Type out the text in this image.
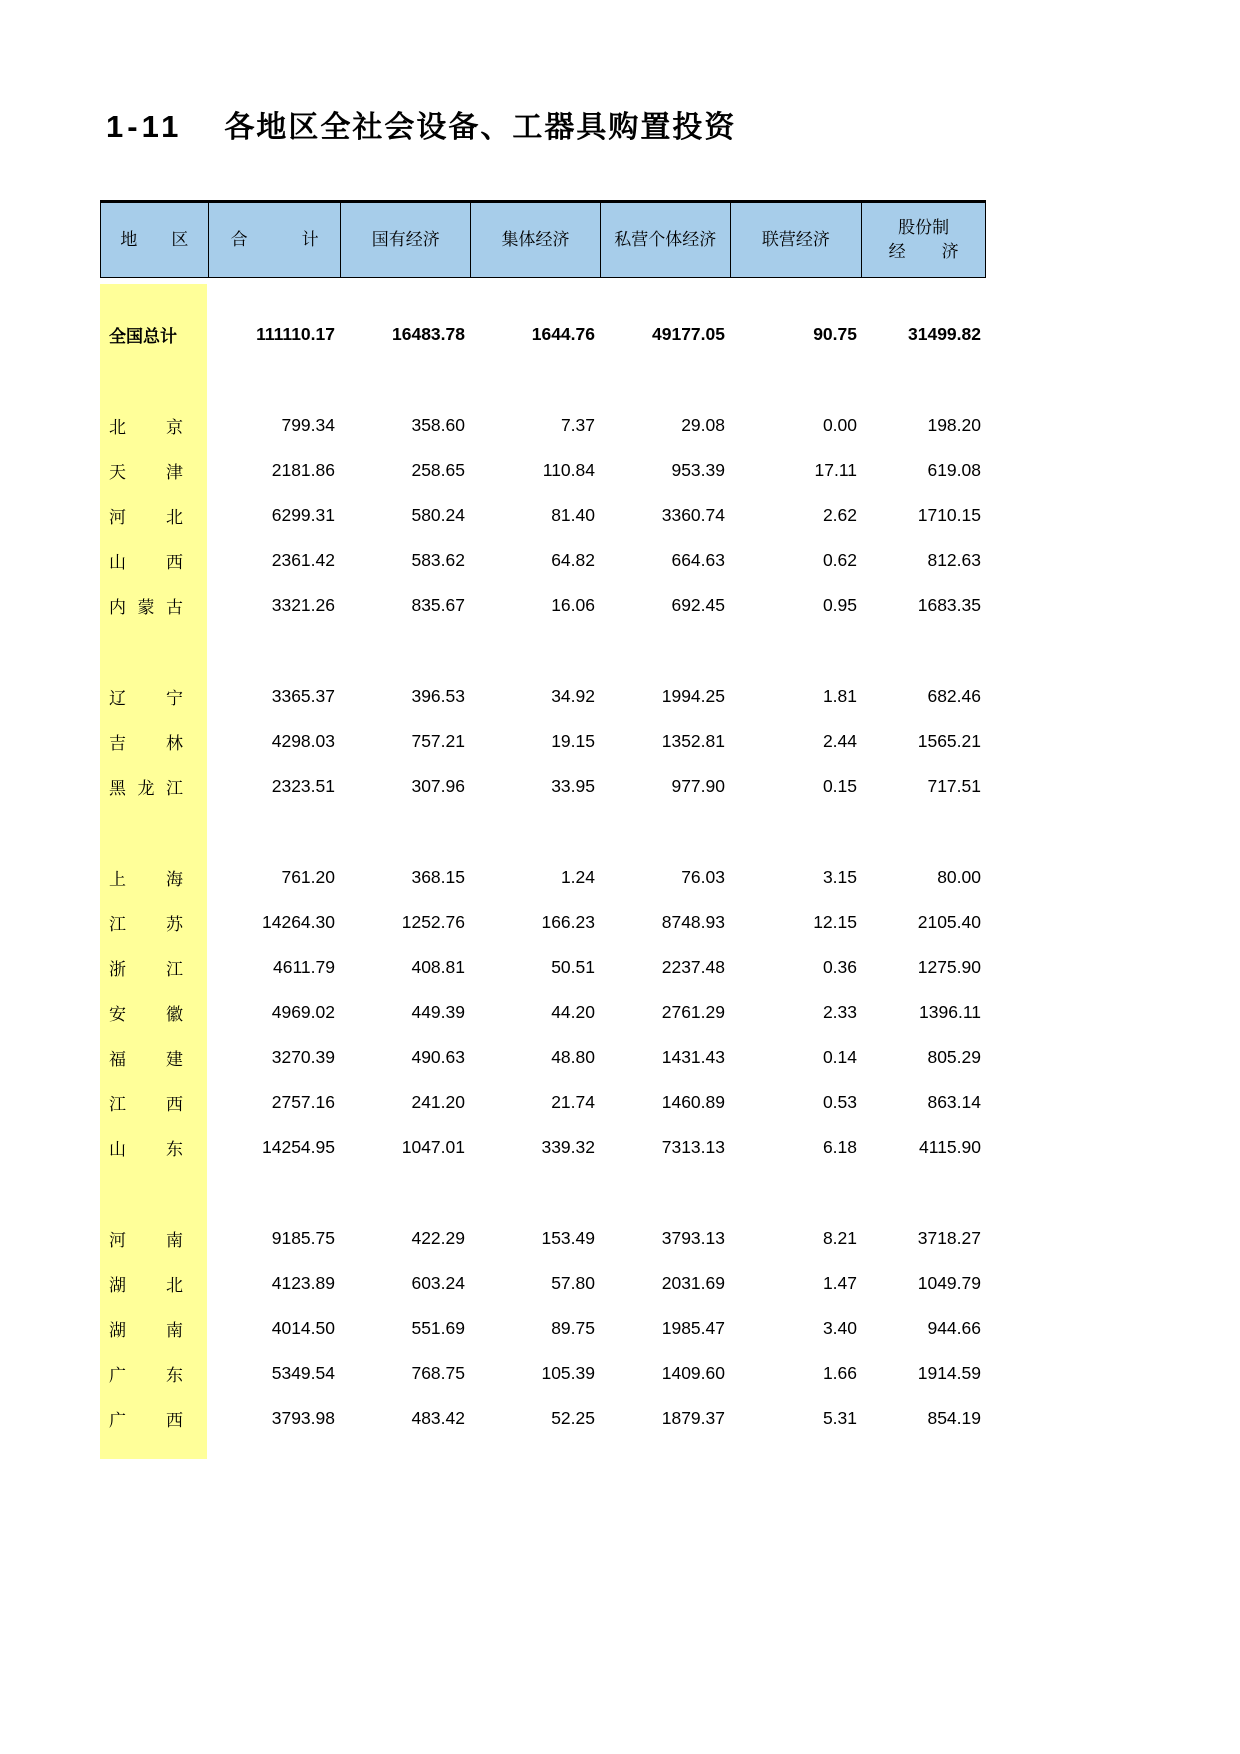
1-11 各地区全社会设备、工器具购置投资
地区 合计	国有经济	集体经济	私营个体经济	联营经济
股份制
经济
全国总计	111110.17	16483.78	1644.76	49177.05	90.75	31499.82
北京	799.34	358.60	7.37	29.08	0.00	198.20
天津	2181.86	258.65	110.84	953.39	17.11	619.08
河北	6299.31	580.24	81.40	3360.74	2.62	1710.15
山西	2361.42	583.62	64.82	664.63	0.62	812.63
内蒙古	3321.26	835.67	16.06	692.45	0.95	1683.35
辽宁	3365.37	396.53	34.92	1994.25	1.81	682.46
吉林	4298.03	757.21	19.15	1352.81	2.44	1565.21
黑龙江	2323.51	307.96	33.95	977.90	0.15	717.51
上海	761.20	368.15	1.24	76.03	3.15	80.00
江苏	14264.30	1252.76	166.23	8748.93	12.15	2105.40
浙江	4611.79	408.81	50.51	2237.48	0.36	1275.90
安徽	4969.02	449.39	44.20	2761.29	2.33	1396.11
福建	3270.39	490.63	48.80	1431.43	0.14	805.29
江西	2757.16	241.20	21.74	1460.89	0.53	863.14
山东	14254.95	1047.01	339.32	7313.13	6.18	4115.90
河南	9185.75	422.29	153.49	3793.13	8.21	3718.27
湖北	4123.89	603.24	57.80	2031.69	1.47	1049.79
湖南	4014.50	551.69	89.75	1985.47	3.40	944.66
广东	5349.54	768.75	105.39	1409.60	1.66	1914.59
广西	3793.98	483.42	52.25	1879.37	5.31	854.19
